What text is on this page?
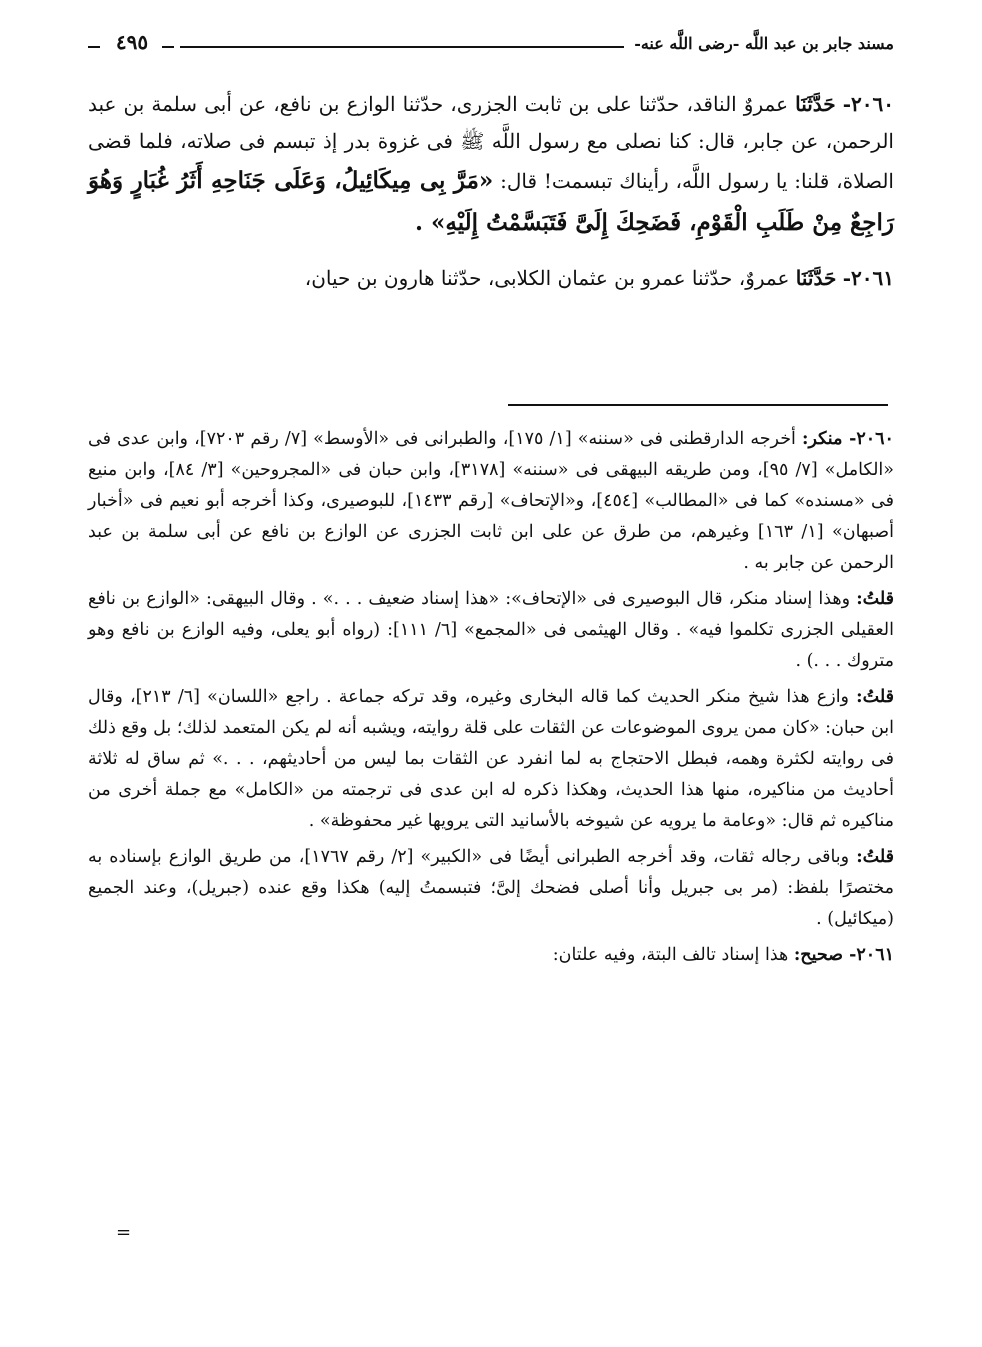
مسند جابر بن عبد اللَّه -رضى اللَّه عنه-
٤٩٥

٢٠٦٠- حَدَّثَنَا عمروٌ الناقد، حدّثنا على بن ثابت الجزرى، حدّثنا الوازع بن نافع، عن أبى سلمة بن عبد الرحمن، عن جابر، قال: كنا نصلى مع رسول اللَّه ﷺ فى غزوة بدر إذ تبسم فى صلاته، فلما قضى الصلاة، قلنا: يا رسول اللَّه، رأيناك تبسمت! قال: «مَرَّ بِى مِيكَائِيلُ، وَعَلَى جَنَاحِهِ أَثَرُ غُبَارٍ وَهُوَ رَاجِعٌ مِنْ طَلَبِ الْقَوْمِ، فَضَحِكَ إِلَىَّ فَتَبَسَّمْتُ إِلَيْهِ» .

٢٠٦١- حَدَّثَنَا عمروٌ، حدّثنا عمرو بن عثمان الكلابى، حدّثنا هارون بن حيان،

٢٠٦٠- منكر: أخرجه الدارقطنى فى «سننه» [١/ ١٧٥]، والطبرانى فى «الأوسط» [٧/ رقم ٧٢٠٣]، وابن عدى فى «الكامل» [٧/ ٩٥]، ومن طريقه البيهقى فى «سننه» [٣١٧٨]، وابن حبان فى «المجروحين» [٣/ ٨٤]، وابن منيع فى «مسنده» كما فى «المطالب» [٤٥٤]، و«الإتحاف» [رقم ١٤٣٣]، للبوصيرى، وكذا أخرجه أبو نعيم فى «أخبار أصبهان» [١/ ١٦٣] وغيرهم، من طرق عن على ابن ثابت الجزرى عن الوازع بن نافع عن أبى سلمة بن عبد الرحمن عن جابر به .

قلتُ: وهذا إسناد منكر، قال البوصيرى فى «الإتحاف»: «هذا إسناد ضعيف . . .» . وقال البيهقى: «الوازع بن نافع العقيلى الجزرى تكلموا فيه» . وقال الهيثمى فى «المجمع» [٦/ ١١١]: (رواه أبو يعلى، وفيه الوازع بن نافع وهو متروك . . .) .

قلتُ: وازع هذا شيخ منكر الحديث كما قاله البخارى وغيره، وقد تركه جماعة . راجع «اللسان» [٦/ ٢١٣]، وقال ابن حبان: «كان ممن يروى الموضوعات عن الثقات على قلة روايته، ويشبه أنه لم يكن المتعمد لذلك؛ بل وقع ذلك فى روايته لكثرة وهمه، فبطل الاحتجاج به لما انفرد عن الثقات بما ليس من أحاديثهم، . . .» ثم ساق له ثلاثة أحاديث من مناكيره، منها هذا الحديث، وهكذا ذكره له ابن عدى فى ترجمته من «الكامل» مع جملة أخرى من مناكيره ثم قال: «وعامة ما يرويه عن شيوخه بالأسانيد التى يرويها غير محفوظة» .

قلتُ: وباقى رجاله ثقات، وقد أخرجه الطبرانى أيضًا فى «الكبير» [٢/ رقم ١٧٦٧]، من طريق الوازع بإسناده به مختصرًا بلفظ: (مر بى جبريل وأنا أصلى فضحك إلىَّ؛ فتبسمتُ إليه) هكذا وقع عنده (جبريل)، وعند الجميع (ميكائيل) .

٢٠٦١- صحيح: هذا إسناد تالف البتة، وفيه علتان:

=
